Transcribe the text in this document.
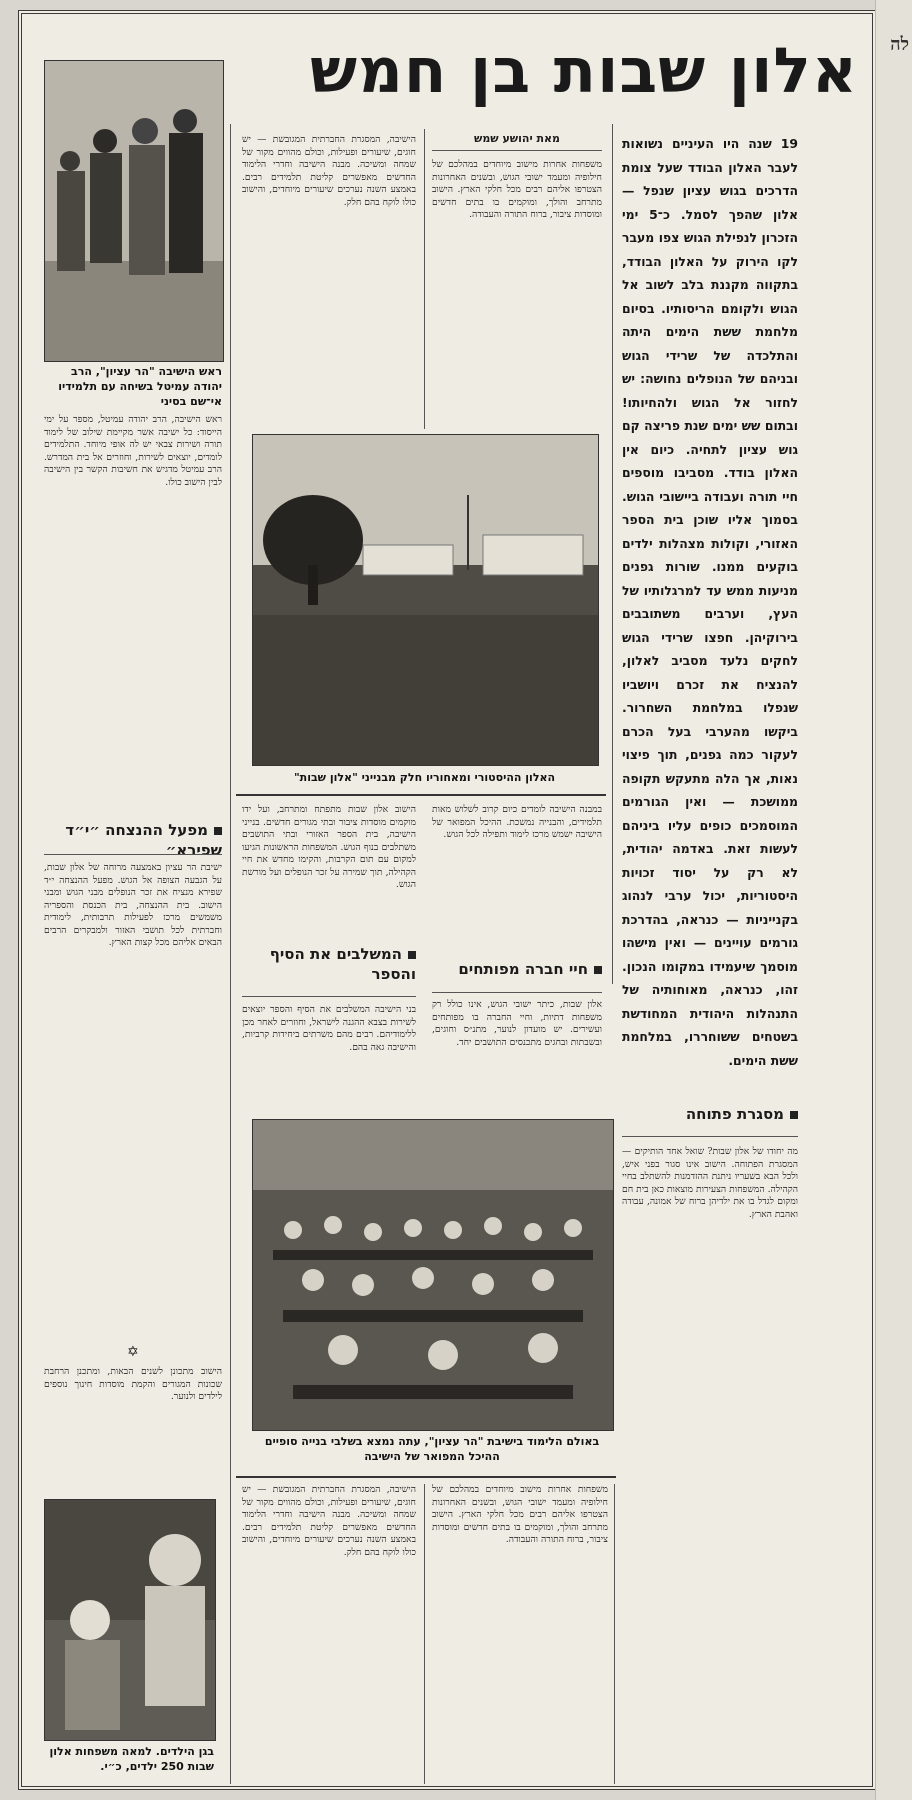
אלון שבות בן חמש
ראש הישיבה "הר עציון", הרב יהודה עמיטל בשיחה עם תלמידיו אי־שם בסיני
ראש הישיבה, הרב יהודה עמיטל, מספר על ימי הייסוד: כל ישיבה אשר מקיימת שילוב של לימוד תורה ושירות צבאי יש לה אופי מיוחד. התלמידים לומדים, יוצאים לשירות, וחוזרים אל בית המדרש. הרב עמיטל מדגיש את חשיבות הקשר בין הישיבה לבין הישוב כולו.
מפעל ההנצחה ״י״ד שפירא״
ישיבת הר עציון באמצעה מרוחה של אלון שבות, על הגבעה הצופה אל הגוש. מפעל ההנצחה י״ד שפירא מנציח את זכר הנופלים מבני הגוש ומבני הישוב. בית ההנצחה, בית הכנסת והספריה משמשים מרכז לפעילות תרבותית, לימודית וחברתית לכל תושבי האזור ולמבקרים הרבים הבאים אליהם מכל קצות הארץ.
✡
הישוב מתכונן לשנים הבאות, ומתכנן הרחבת שכונות המגורים והקמת מוסדות חינוך נוספים לילדים ולנוער.
בגן הילדים. למאה משפחות אלון שבות 250 ילדים, כ״י.
הישיבה, המסגרת החברתית המגובשת — יש חוגים, שיעורים ופעילות, וכולם מהווים מקור של שמחה ומשיכה. מבנה הישיבה וחדרי הלימוד החדשים מאפשרים קליטת תלמידים רבים. באמצע השנה נערכים שיעורים מיוחדים, והישוב כולו לוקח בהם חלק.
מאת יהושע שמש
משפחות אחרות מישוב מיוחדים במהלכם של חילופיה ומעמד ישובי הגוש, ובשנים האחרונות הצטרפו אליהם רבים מכל חלקי הארץ. הישוב מתרחב והולך, ומוקמים בו בתים חדשים ומוסדות ציבור, ברוח התורה והעבודה.
19 שנה היו העיניים נשואות לעבר האלון הבודד שעל צומת הדרכים בגוש עציון שנפל — אלון שהפך לסמל. כ־5 ימי הזכרון לנפילת הגוש צפו מעבר לקו הירוק על האלון הבודד, בתקווה מקננת בלב לשוב אל הגוש ולקומם הריסותיו. בסיום מלחמת ששת הימים היתה והתלכדה של שרידי הגוש ובניהם של הנופלים נחושה: יש לחזור אל הגוש ולהחיותו! ובתום שש ימים שנת פריצה קם גוש עציון לתחיה. כיום אין האלון בודד. מסביבו מוספים חיי תורה ועבודה ביישובי הגוש. בסמוך אליו שוכן בית הספר האזורי, וקולות מצהלות ילדים בוקעים ממנו. שורות גפנים מניעות ממש עד למרגלותיו של העץ, וערבים משתובבים בירוקיהן. חפצו שרידי הגוש לחקים נלעד מסביב לאלון, להנציח את זכרם ויושביו שנפלו במלחמת השחרור. ביקשו מהערבי בעל הכרם לעקור כמה גפנים, תוך פיצוי נאות, אך הלה מתעקש תקופה ממושכת — ואין הגורמים המוסמכים כופים עליו ביניהם לעשות זאת. באדמה יהודית, לא רק על יסוד זכויות היסטוריות, יכול ערבי לנהוג בקנייניות — כנראה, בהדרכת גורמים עויינים — ואין מישהו מוסמך שיעמידו במקומו הנכון. זהו, כנראה, מאוחותיה של התנהלות היהודית המחודשת בשטחים ששוחררו, במלחמת ששת הימים.
האלון ההיסטורי ומאחוריו חלק מבנייני "אלון שבות"
הישוב אלון שבות מתפתח ומתרחב, ועל ידו מוקמים מוסדות ציבור ובתי מגורים חדשים. בנייני הישיבה, בית הספר האזורי ובתי התושבים משתלבים בנוף הגוש. המשפחות הראשונות הגיעו למקום עם תום הקרבות, והקימו מחדש את חיי הקהילה, תוך שמירה על זכר הנופלים ועל מורשת הגוש.
במבנה הישיבה לומדים כיום קרוב לשלוש מאות תלמידים, והבנייה נמשכת. ההיכל המפואר של הישיבה ישמש מרכז לימוד ותפילה לכל הגוש.
חיי חברה מפותחים
אלון שבות, כיתר ישובי הגוש, אינו כולל רק משפחות דתיות, וחיי החברה בו מפותחים ועשירים. יש מועדון לנוער, מתנ״ס וחוגים, ובשבתות ובחגים מתכנסים התושבים יחד.
המשלבים את הסיף והספר
בני הישיבה המשלבים את הסיף והספר יוצאים לשירות בצבא ההגנה לישראל, וחוזרים לאחר מכן ללימודיהם. רבים מהם משרתים ביחידות קרביות, והישיבה גאה בהם.
מסגרת פתוחה
מה יחודו של אלון שבות? שואל אחד הותיקים — המסגרת הפתוחה. הישוב אינו סגור בפני איש, ולכל הבא בשעריו ניתנת ההזדמנות להשתלב בחיי הקהילה. המשפחות הצעירות מוצאות כאן בית חם ומקום לגדל בו את ילדיהן ברוח של אמונה, עבודה ואהבת הארץ.
באולם הלימוד בישיבת "הר עציון", עתה נמצא בשלבי בנייה סופיים ההיכל המפואר של הישיבה
הישיבה, המסגרת החברתית המגובשת — יש חוגים, שיעורים ופעילות, וכולם מהווים מקור של שמחה ומשיכה. מבנה הישיבה וחדרי הלימוד החדשים מאפשרים קליטת תלמידים רבים. באמצע השנה נערכים שיעורים מיוחדים, והישוב כולו לוקח בהם חלק.
משפחות אחרות מישוב מיוחדים במהלכם של חילופיה ומעמד ישובי הגוש, ובשנים האחרונות הצטרפו אליהם רבים מכל חלקי הארץ. הישוב מתרחב והולך, ומוקמים בו בתים חדשים ומוסדות ציבור, ברוח התורה והעבודה.
לה
